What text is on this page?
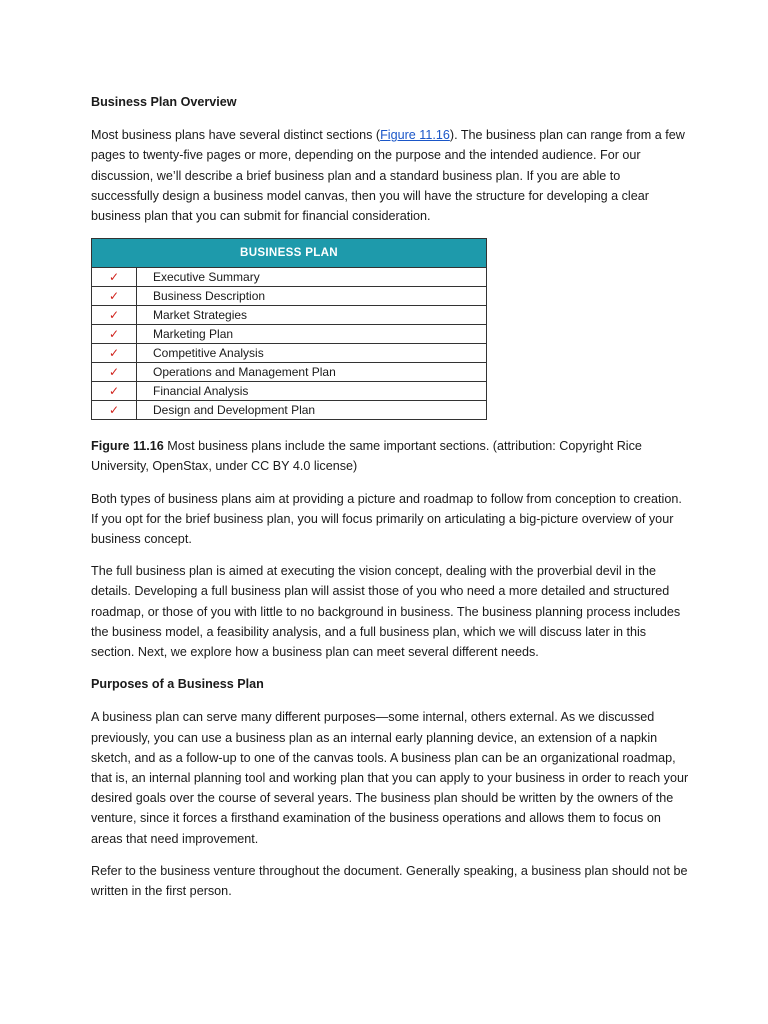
Business Plan Overview

Most business plans have several distinct sections (Figure 11.16). The business plan can range from a few pages to twenty-five pages or more, depending on the purpose and the intended audience. For our discussion, we’ll describe a brief business plan and a standard business plan. If you are able to successfully design a business model canvas, then you will have the structure for developing a clear business plan that you can submit for financial consideration.

BUSINESS PLAN	
✓	Executive Summary
✓	Business Description
✓	Market Strategies
✓	Marketing Plan
✓	Competitive Analysis
✓	Operations and Management Plan
✓	Financial Analysis
✓	Design and Development Plan

Figure 11.16 Most business plans include the same important sections. (attribution: Copyright Rice University, OpenStax, under CC BY 4.0 license)

Both types of business plans aim at providing a picture and roadmap to follow from conception to creation. If you opt for the brief business plan, you will focus primarily on articulating a big-picture overview of your business concept.

The full business plan is aimed at executing the vision concept, dealing with the proverbial devil in the details. Developing a full business plan will assist those of you who need a more detailed and structured roadmap, or those of you with little to no background in business. The business planning process includes the business model, a feasibility analysis, and a full business plan, which we will discuss later in this section. Next, we explore how a business plan can meet several different needs.

Purposes of a Business Plan

A business plan can serve many different purposes—some internal, others external. As we discussed previously, you can use a business plan as an internal early planning device, an extension of a napkin sketch, and as a follow-up to one of the canvas tools. A business plan can be an organizational roadmap, that is, an internal planning tool and working plan that you can apply to your business in order to reach your desired goals over the course of several years. The business plan should be written by the owners of the venture, since it forces a firsthand examination of the business operations and allows them to focus on areas that need improvement.

Refer to the business venture throughout the document. Generally speaking, a business plan should not be written in the first person.
